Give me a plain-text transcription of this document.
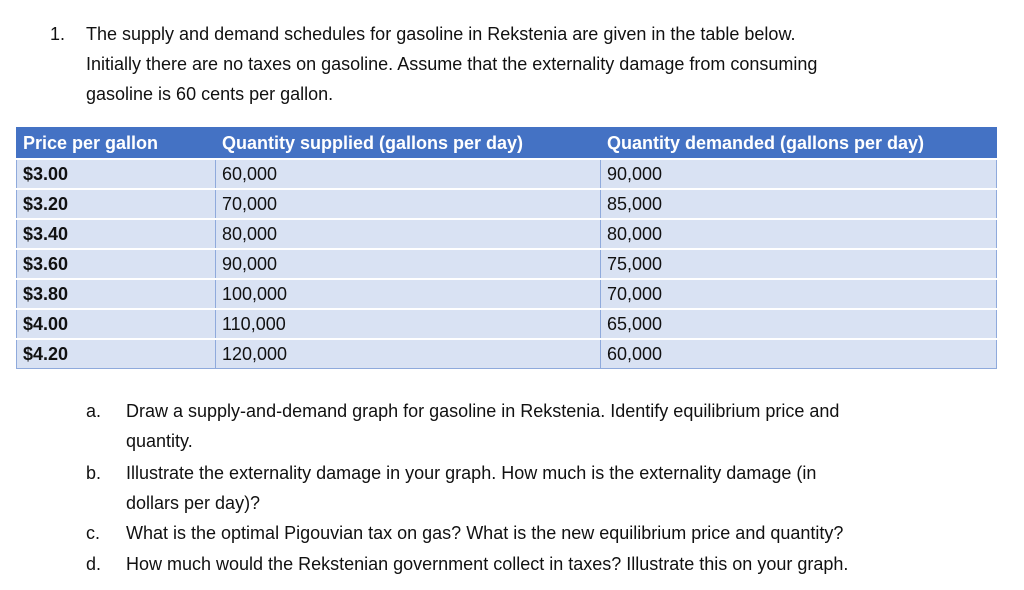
1. The supply and demand schedules for gasoline in Rekstenia are given in the table below.
Initially there are no taxes on gasoline. Assume that the externality damage from consuming
gasoline is 60 cents per gallon.
Price per gallon	Quantity supplied (gallons per day)	Quantity demanded (gallons per day)
$3.00	60,000	90,000
$3.20	70,000	85,000
$3.40	80,000	80,000
$3.60	90,000	75,000
$3.80	100,000	70,000
$4.00	110,000	65,000
$4.20	120,000	60,000
a.	Draw a supply-and-demand graph for gasoline in Rekstenia. Identify equilibrium price and
quantity.
b.	Illustrate the externality damage in your graph. How much is the externality damage (in
dollars per day)?
c.	What is the optimal Pigouvian tax on gas? What is the new equilibrium price and quantity?
d.	How much would the Rekstenian government collect in taxes? Illustrate this on your graph.
